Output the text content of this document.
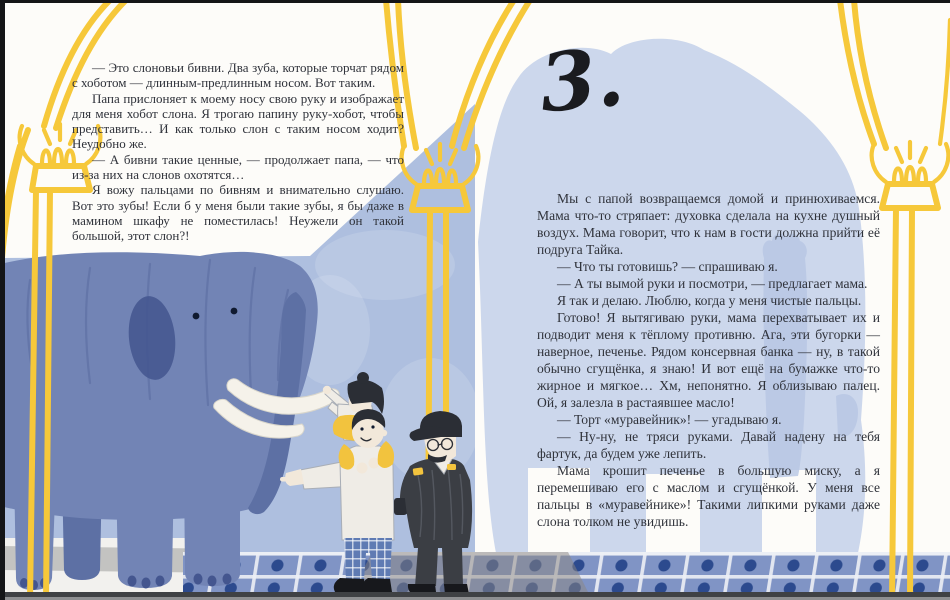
— Это слоновьи бивни. Два зуба, которые торчат рядом с хоботом — длинным-предлинным носом. Вот таким.

Папа прислоняет к моему носу свою руку и изображает для меня хобот слона. Я трогаю папину руку-хобот, чтобы представить… И как только слон с таким носом ходит? Неудобно же.

— А бивни такие ценные, — продолжает папа, — что из-за них на слонов охотятся…

Я вожу пальцами по бивням и внимательно слушаю. Вот это зубы! Если б у меня были такие зубы, я бы даже в мамином шкафу не поместилась! Неужели он такой большой, этот слон?!

3.

Мы с папой возвращаемся домой и принюхиваемся. Мама что-то стряпает: духовка сделала на кухне душный воздух. Мама говорит, что к нам в гости должна прийти её подруга Тайка.

— Что ты готовишь? — спрашиваю я.

— А ты вымой руки и посмотри, — предлагает мама.

Я так и делаю. Люблю, когда у меня чистые пальцы.

Готово! Я вытягиваю руки, мама перехватывает их и подводит меня к тёплому противню. Ага, эти бугорки — наверное, печенье. Рядом консервная банка — ну, в такой обычно сгущёнка, я знаю! И вот ещё на бумажке что-то жирное и мягкое… Хм, непонятно. Я облизываю палец. Ой, я залезла в растаявшее масло!

— Торт «муравейник»! — угадываю я.

— Ну-ну, не тряси руками. Давай надену на тебя фартук, да будем уже лепить.

Мама крошит печенье в большую миску, а я перемешиваю его с маслом и сгущёнкой. У меня все пальцы в «муравейнике»! Такими липкими руками даже слона толком не увидишь.
